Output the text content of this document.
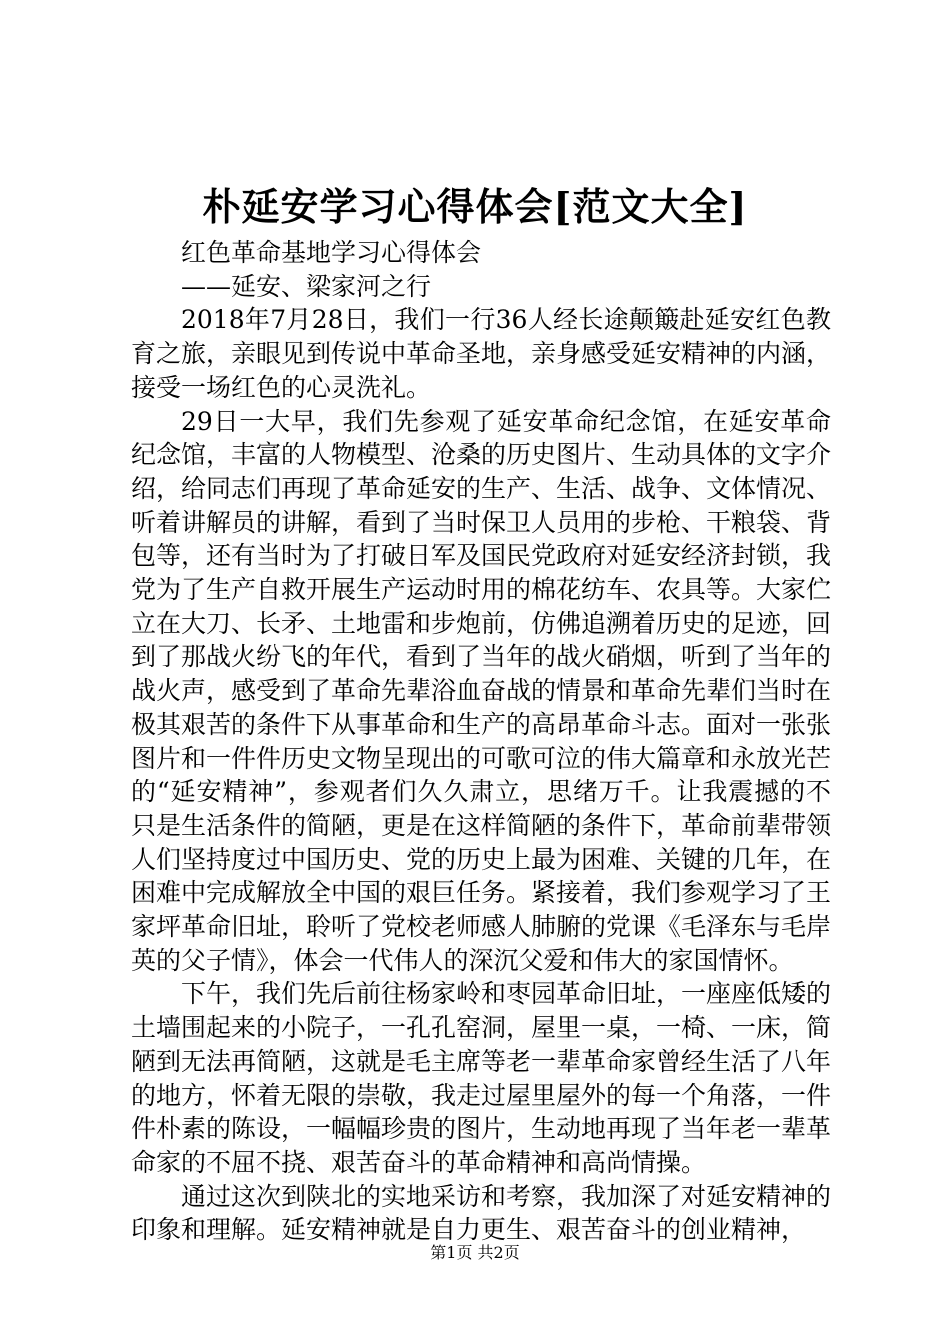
朴延安学习心得体会[范文大全]

红色革命基地学习心得体会

——延安、梁家河之行

2018年7月28日，我们一行36人经长途颠簸赴延安红色教育之旅，亲眼见到传说中革命圣地，亲身感受延安精神的内涵，接受一场红色的心灵洗礼。

29日一大早，我们先参观了延安革命纪念馆，在延安革命纪念馆，丰富的人物模型、沧桑的历史图片、生动具体的文字介绍，给同志们再现了革命延安的生产、生活、战争、文体情况、听着讲解员的讲解，看到了当时保卫人员用的步枪、干粮袋、背包等，还有当时为了打破日军及国民党政府对延安经济封锁，我党为了生产自救开展生产运动时用的棉花纺车、农具等。大家伫立在大刀、长矛、土地雷和步炮前，仿佛追溯着历史的足迹，回到了那战火纷飞的年代，看到了当年的战火硝烟，听到了当年的战火声，感受到了革命先辈浴血奋战的情景和革命先辈们当时在极其艰苦的条件下从事革命和生产的高昂革命斗志。面对一张张图片和一件件历史文物呈现出的可歌可泣的伟大篇章和永放光芒的“延安精神”，参观者们久久肃立，思绪万千。让我震撼的不只是生活条件的简陋，更是在这样简陋的条件下，革命前辈带领人们坚持度过中国历史、党的历史上最为困难、关键的几年，在困难中完成解放全中国的艰巨任务。紧接着，我们参观学习了王家坪革命旧址，聆听了党校老师感人肺腑的党课《毛泽东与毛岸英的父子情》，体会一代伟人的深沉父爱和伟大的家国情怀。

下午，我们先后前往杨家岭和枣园革命旧址，一座座低矮的土墙围起来的小院子，一孔孔窑洞，屋里一桌，一椅、一床，简陋到无法再简陋，这就是毛主席等老一辈革命家曾经生活了八年的地方，怀着无限的崇敬，我走过屋里屋外的每一个角落，一件件朴素的陈设，一幅幅珍贵的图片，生动地再现了当年老一辈革命家的不屈不挠、艰苦奋斗的革命精神和高尚情操。

通过这次到陕北的实地采访和考察，我加深了对延安精神的印象和理解。延安精神就是自力更生、艰苦奋斗的创业精神，

第1页 共2页
